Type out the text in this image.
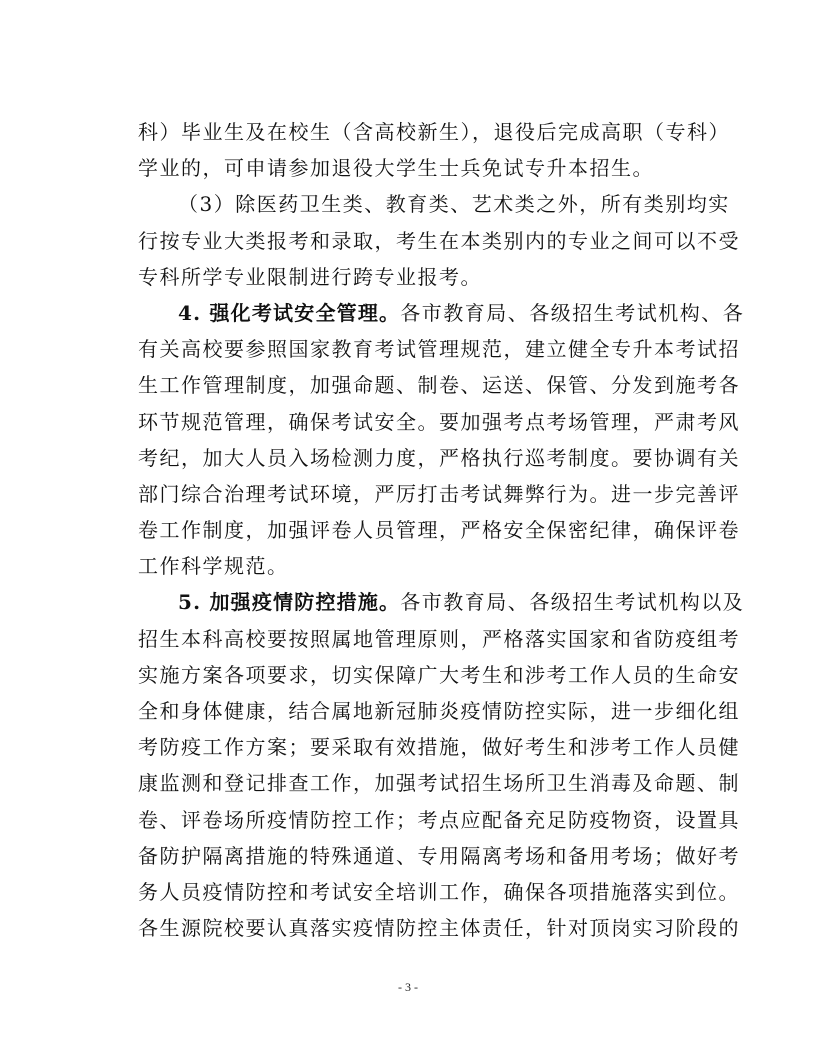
科）毕业生及在校生（含高校新生），退役后完成高职（专科）
学业的，可申请参加退役大学生士兵免试专升本招生。
（3）除医药卫生类、教育类、艺术类之外，所有类别均实
行按专业大类报考和录取，考生在本类别内的专业之间可以不受
专科所学专业限制进行跨专业报考。
4. 强化考试安全管理。各市教育局、各级招生考试机构、各
有关高校要参照国家教育考试管理规范，建立健全专升本考试招
生工作管理制度，加强命题、制卷、运送、保管、分发到施考各
环节规范管理，确保考试安全。要加强考点考场管理，严肃考风
考纪，加大人员入场检测力度，严格执行巡考制度。要协调有关
部门综合治理考试环境，严厉打击考试舞弊行为。进一步完善评
卷工作制度，加强评卷人员管理，严格安全保密纪律，确保评卷
工作科学规范。
5. 加强疫情防控措施。各市教育局、各级招生考试机构以及
招生本科高校要按照属地管理原则，严格落实国家和省防疫组考
实施方案各项要求，切实保障广大考生和涉考工作人员的生命安
全和身体健康，结合属地新冠肺炎疫情防控实际，进一步细化组
考防疫工作方案；要采取有效措施，做好考生和涉考工作人员健
康监测和登记排查工作，加强考试招生场所卫生消毒及命题、制
卷、评卷场所疫情防控工作；考点应配备充足防疫物资，设置具
备防护隔离措施的特殊通道、专用隔离考场和备用考场；做好考
务人员疫情防控和考试安全培训工作，确保各项措施落实到位。
各生源院校要认真落实疫情防控主体责任，针对顶岗实习阶段的
- 3 -
